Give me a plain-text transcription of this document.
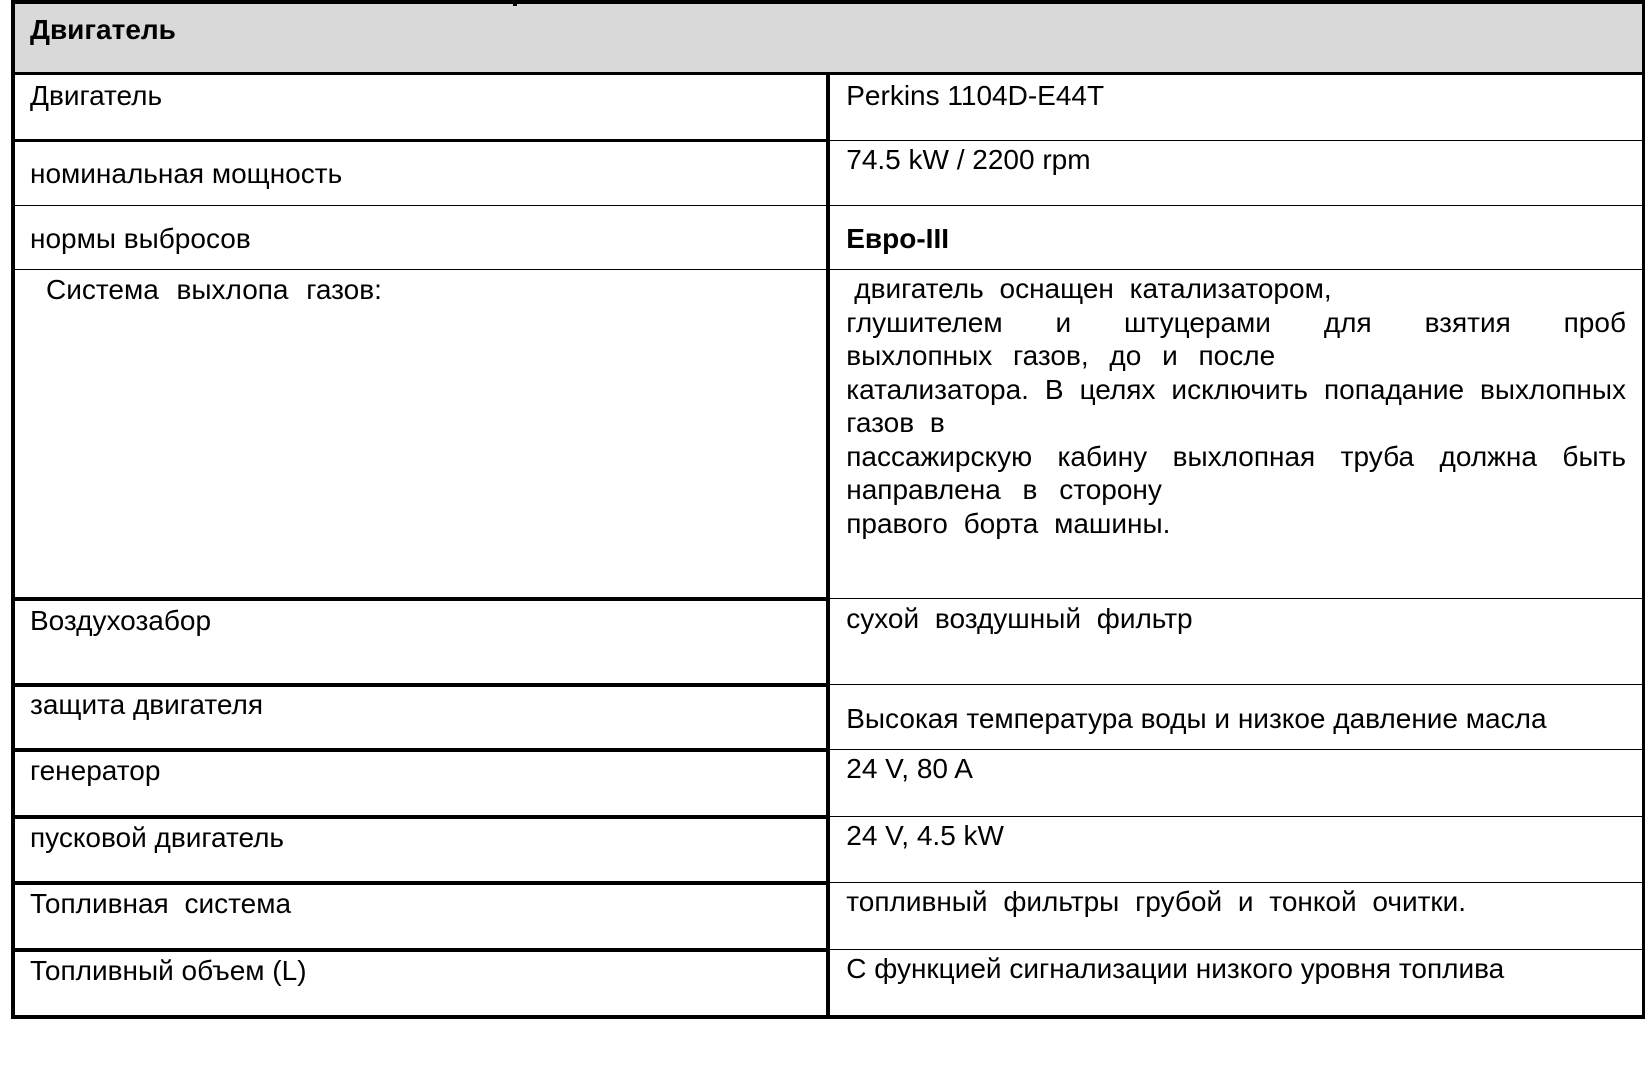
Двигатель	

Двигатель	Perkins 1104D-E44T

номинальная мощность	74.5 kW / 2200 rpm

нормы выбросов	Евро-III

Система выхлопа газов:	двигатель оснащен катализатором,
глушителем и штуцерами для взятия проб выхлопных газов, до и после
катализатора. В целях исключить попадание выхлопных газов в
пассажирскую кабину выхлопная труба должна быть направлена в сторону
правого борта машины.

Воздухозабор	сухой воздушный фильтр

защита двигателя	Высокая температура воды и низкое давление масла

генератор	24 V, 80 A

пусковой двигатель	24 V, 4.5 kW

Топливная система	топливный фильтры грубой и тонкой очитки.

Топливный объем (L)	С функцией сигнализации низкого уровня топлива
